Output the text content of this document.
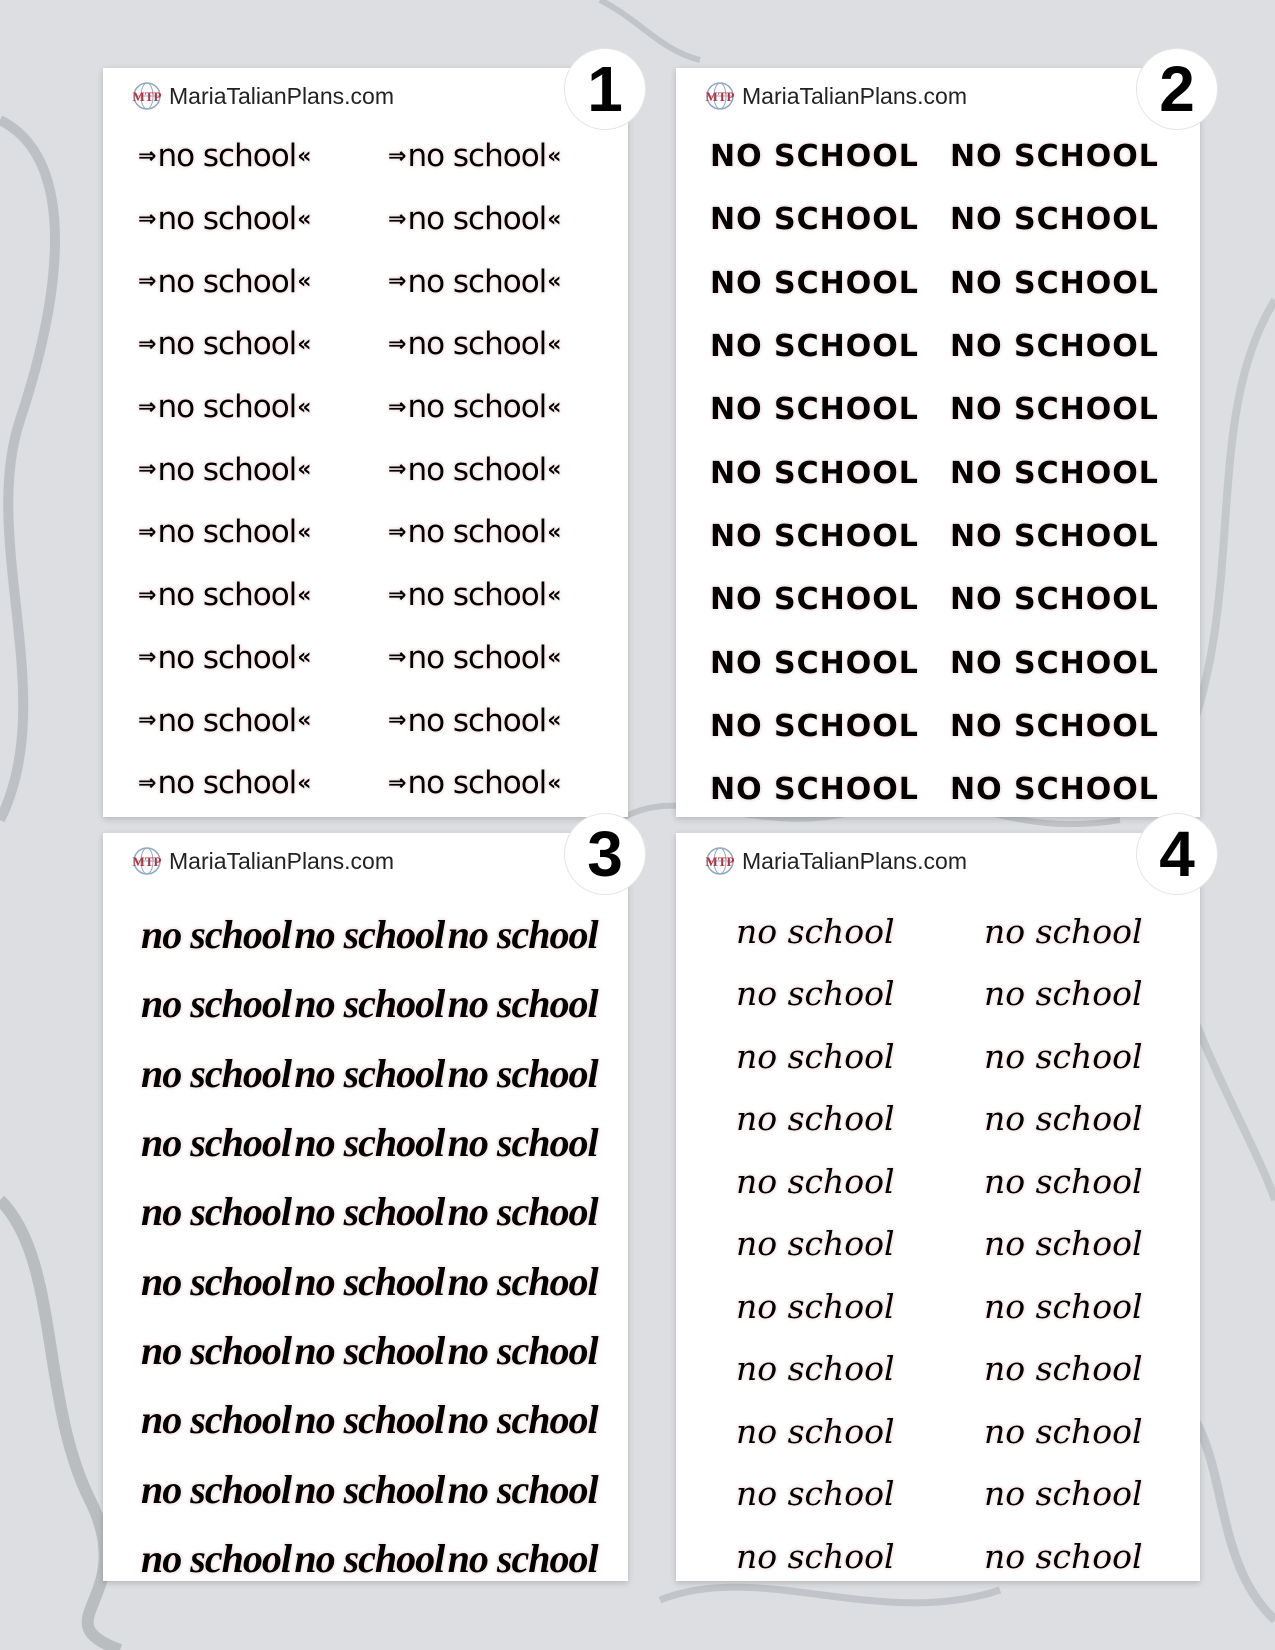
1
MTP MariaTalianPlans.com
⇒ no school «	⇒ no school «
⇒ no school «	⇒ no school «
⇒ no school «	⇒ no school «
⇒ no school «	⇒ no school «
⇒ no school «	⇒ no school «
⇒ no school «	⇒ no school «
⇒ no school «	⇒ no school «
⇒ no school «	⇒ no school «
⇒ no school «	⇒ no school «
⇒ no school «	⇒ no school «
⇒ no school «	⇒ no school «
2
MTP MariaTalianPlans.com
NO SCHOOL	NO SCHOOL
NO SCHOOL	NO SCHOOL
NO SCHOOL	NO SCHOOL
NO SCHOOL	NO SCHOOL
NO SCHOOL	NO SCHOOL
NO SCHOOL	NO SCHOOL
NO SCHOOL	NO SCHOOL
NO SCHOOL	NO SCHOOL
NO SCHOOL	NO SCHOOL
NO SCHOOL	NO SCHOOL
NO SCHOOL	NO SCHOOL
3
MTP MariaTalianPlans.com
no school no school no school
no school no school no school
no school no school no school
no school no school no school
no school no school no school
no school no school no school
no school no school no school
no school no school no school
no school no school no school
no school no school no school
4
MTP MariaTalianPlans.com
no school	no school
no school	no school
no school	no school
no school	no school
no school	no school
no school	no school
no school	no school
no school	no school
no school	no school
no school	no school
no school	no school
